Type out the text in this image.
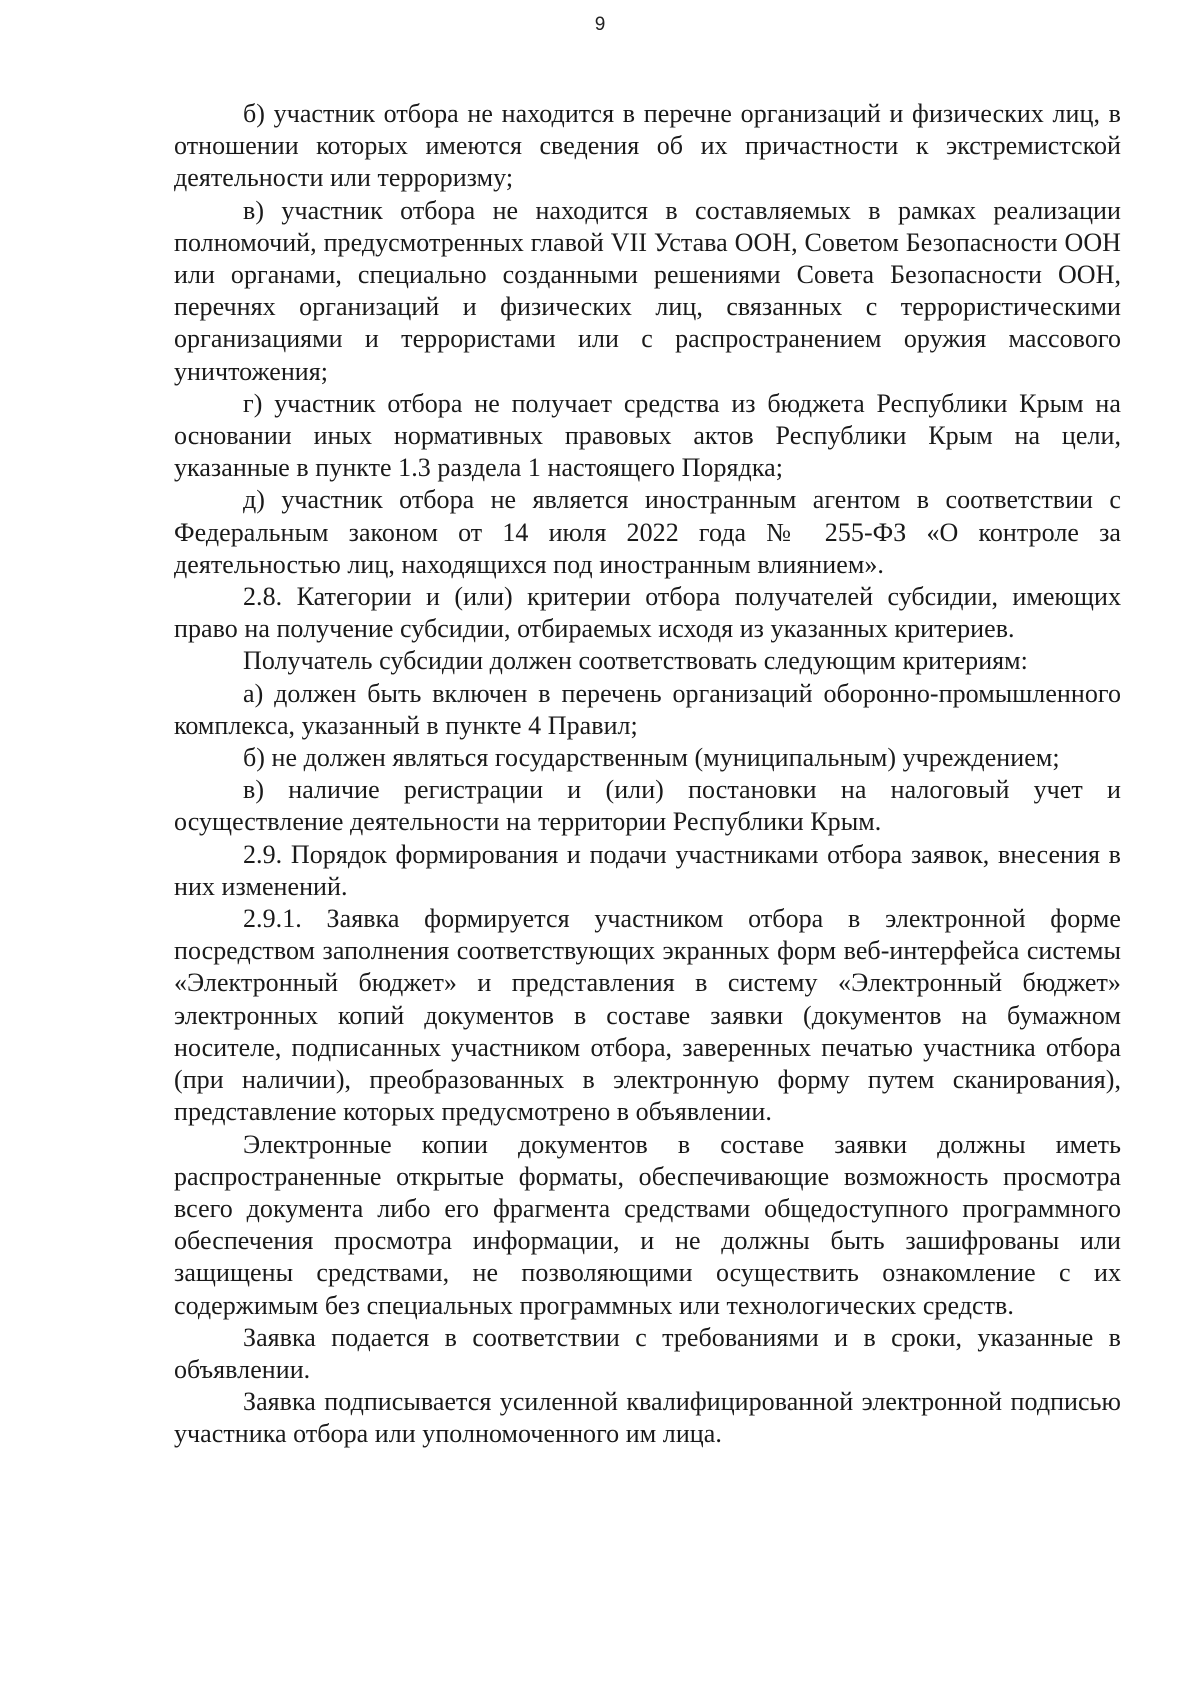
9

б) участник отбора не находится в перечне организаций и физических лиц, в отношении которых имеются сведения об их причастности к экстремистской деятельности или терроризму;

в) участник отбора не находится в составляемых в рамках реализации полномочий, предусмотренных главой VII Устава ООН, Советом Безопасности ООН или органами, специально созданными решениями Совета Безопасности ООН, перечнях организаций и физических лиц, связанных с террористическими организациями и террористами или с распространением оружия массового уничтожения;

г) участник отбора не получает средства из бюджета Республики Крым на основании иных нормативных правовых актов Республики Крым на цели, указанные в пункте 1.3 раздела 1 настоящего Порядка;

д) участник отбора не является иностранным агентом в соответствии с Федеральным законом от 14 июля 2022 года № 255-ФЗ «О контроле за деятельностью лиц, находящихся под иностранным влиянием».

2.8. Категории и (или) критерии отбора получателей субсидии, имеющих право на получение субсидии, отбираемых исходя из указанных критериев.

Получатель субсидии должен соответствовать следующим критериям:

а) должен быть включен в перечень организаций оборонно-промышленного комплекса, указанный в пункте 4 Правил;

б) не должен являться государственным (муниципальным) учреждением;

в) наличие регистрации и (или) постановки на налоговый учет и осуществление деятельности на территории Республики Крым.

2.9. Порядок формирования и подачи участниками отбора заявок, внесения в них изменений.

2.9.1. Заявка формируется участником отбора в электронной форме посредством заполнения соответствующих экранных форм веб-интерфейса системы «Электронный бюджет» и представления в систему «Электронный бюджет» электронных копий документов в составе заявки (документов на бумажном носителе, подписанных участником отбора, заверенных печатью участника отбора (при наличии), преобразованных в электронную форму путем сканирования), представление которых предусмотрено в объявлении.

Электронные копии документов в составе заявки должны иметь распространенные открытые форматы, обеспечивающие возможность просмотра всего документа либо его фрагмента средствами общедоступного программного обеспечения просмотра информации, и не должны быть зашифрованы или защищены средствами, не позволяющими осуществить ознакомление с их содержимым без специальных программных или технологических средств.

Заявка подается в соответствии с требованиями и в сроки, указанные в объявлении.

Заявка подписывается усиленной квалифицированной электронной подписью участника отбора или уполномоченного им лица.
